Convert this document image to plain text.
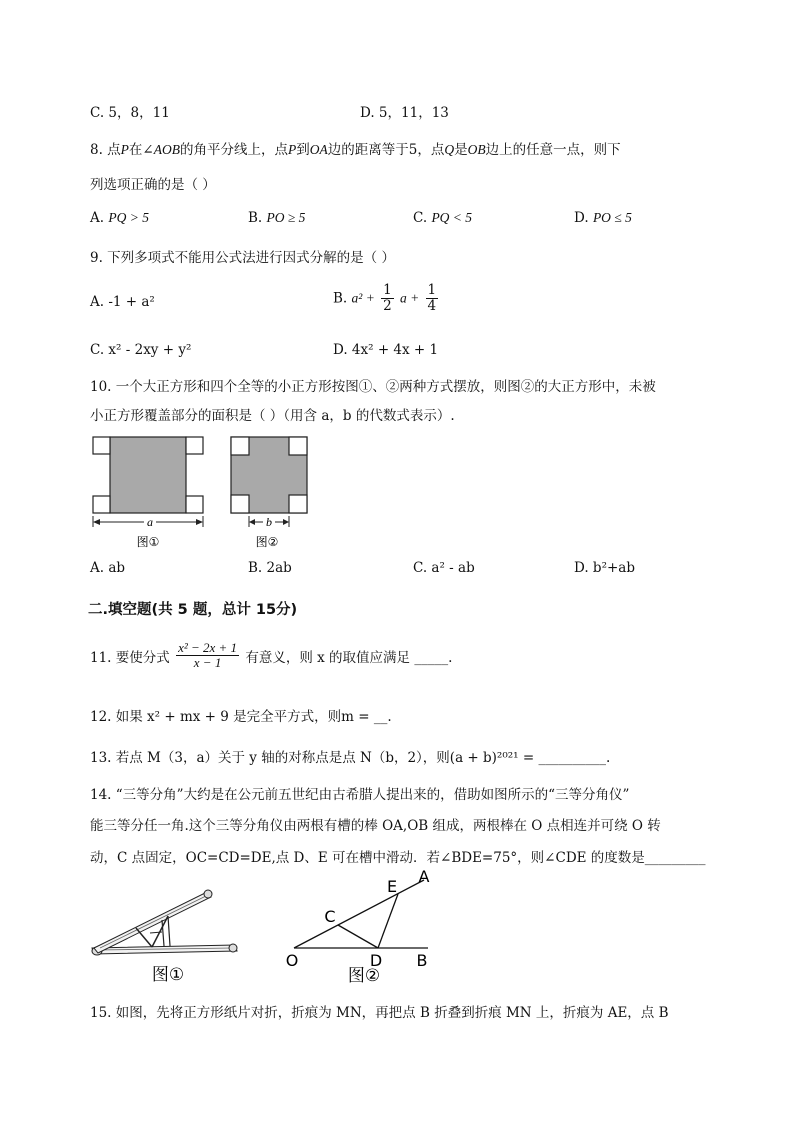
C. 5，8，11	D. 5，11，13
8. 点P在∠AOB的角平分线上，点P到OA边的距离等于5，点Q是OB边上的任意一点，则下
列选项正确的是（ ）
A. PQ > 5	B. PO ≥ 5	C. PQ < 5	D. PO ≤ 5
9. 下列多项式不能用公式法进行因式分解的是（ ）
A. -1 + a²	B. $a^2 + \frac{1}{2}$ $a + \frac{1}{4}$
C. x² - 2xy + y²	D. 4x² + 4x + 1
10. 一个大正方形和四个全等的小正方形按图①、②两种方式摆放，则图②的大正方形中，未被
小正方形覆盖部分的面积是（ ）（用含 a，b 的代数式表示）.
a
图①
b
图②
A. ab	B. 2ab	C. a² - ab	D. b²+ab
二.填空题(共 5 题，总计 15分)
11. 要使分式 $\frac{\text{x² − 2x + 1}}{x - 1}$ 有意义，则 x 的取值应满足 _____.
12. 如果 x² + mx + 9 是完全平方式，则m = __.
13. 若点 M（3，a）关于 y 轴的对称点是点 N（b，2），则(a + b)²⁰²¹ = __________.
14. “三等分角”大约是在公元前五世纪由古希腊人提出来的，借助如图所示的“三等分角仪”
能三等分任一角.这个三等分角仪由两根有槽的棒 OA,OB 组成，两根棒在 O 点相连并可绕 O 转
动，C 点固定，OC=CD=DE,点 D、E 可在槽中滑动．若∠BDE=75°，则∠CDE 的度数是_________
图①
O	B
A
C
D
E
图②
15. 如图，先将正方形纸片对折，折痕为 MN，再把点 B 折叠到折痕 MN 上，折痕为 AE，点 B
